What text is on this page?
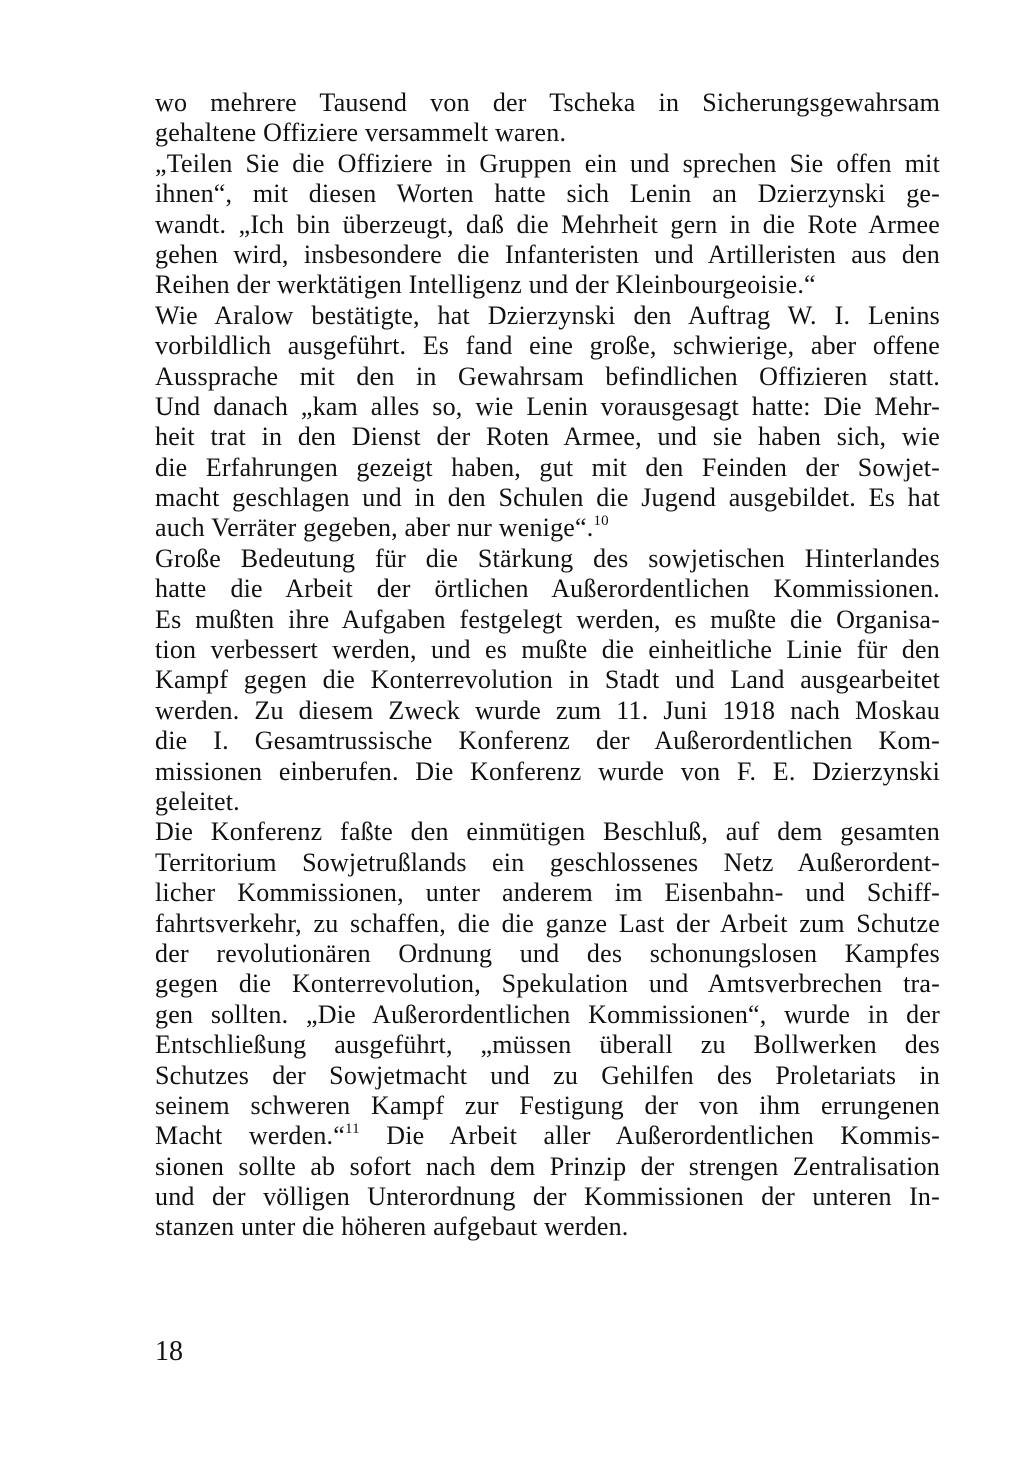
wo mehrere Tausend von der Tscheka in Sicherungsgewahrsam
gehaltene Offiziere versammelt waren.
„Teilen Sie die Offiziere in Gruppen ein und sprechen Sie offen mit
ihnen“, mit diesen Worten hatte sich Lenin an Dzierzynski ge-
wandt. „Ich bin überzeugt, daß die Mehrheit gern in die Rote Armee
gehen wird, insbesondere die Infanteristen und Artilleristen aus den
Reihen der werktätigen Intelligenz und der Kleinbourgeoisie.“
Wie Aralow bestätigte, hat Dzierzynski den Auftrag W. I. Lenins
vorbildlich ausgeführt. Es fand eine große, schwierige, aber offene
Aussprache mit den in Gewahrsam befindlichen Offizieren statt.
Und danach „kam alles so, wie Lenin vorausgesagt hatte: Die Mehr-
heit trat in den Dienst der Roten Armee, und sie haben sich, wie
die Erfahrungen gezeigt haben, gut mit den Feinden der Sowjet-
macht geschlagen und in den Schulen die Jugend ausgebildet. Es hat
auch Verräter gegeben, aber nur wenige“.$^{10}$
Große Bedeutung für die Stärkung des sowjetischen Hinterlandes
hatte die Arbeit der örtlichen Außerordentlichen Kommissionen.
Es mußten ihre Aufgaben festgelegt werden, es mußte die Organisa-
tion verbessert werden, und es mußte die einheitliche Linie für den
Kampf gegen die Konterrevolution in Stadt und Land ausgearbeitet
werden. Zu diesem Zweck wurde zum 11. Juni 1918 nach Moskau
die I. Gesamtrussische Konferenz der Außerordentlichen Kom-
missionen einberufen. Die Konferenz wurde von F. E. Dzierzynski
geleitet.
Die Konferenz faßte den einmütigen Beschluß, auf dem gesamten
Territorium Sowjetrußlands ein geschlossenes Netz Außerordent-
licher Kommissionen, unter anderem im Eisenbahn- und Schiff-
fahrtsverkehr, zu schaffen, die die ganze Last der Arbeit zum Schutze
der revolutionären Ordnung und des schonungslosen Kampfes
gegen die Konterrevolution, Spekulation und Amtsverbrechen tra-
gen sollten. „Die Außerordentlichen Kommissionen“, wurde in der
Entschließung ausgeführt, „müssen überall zu Bollwerken des
Schutzes der Sowjetmacht und zu Gehilfen des Proletariats in
seinem schweren Kampf zur Festigung der von ihm errungenen
Macht werden.“$^{11}$ Die Arbeit aller Außerordentlichen Kommis-
sionen sollte ab sofort nach dem Prinzip der strengen Zentralisation
und der völligen Unterordnung der Kommissionen der unteren In-
stanzen unter die höheren aufgebaut werden.
18
